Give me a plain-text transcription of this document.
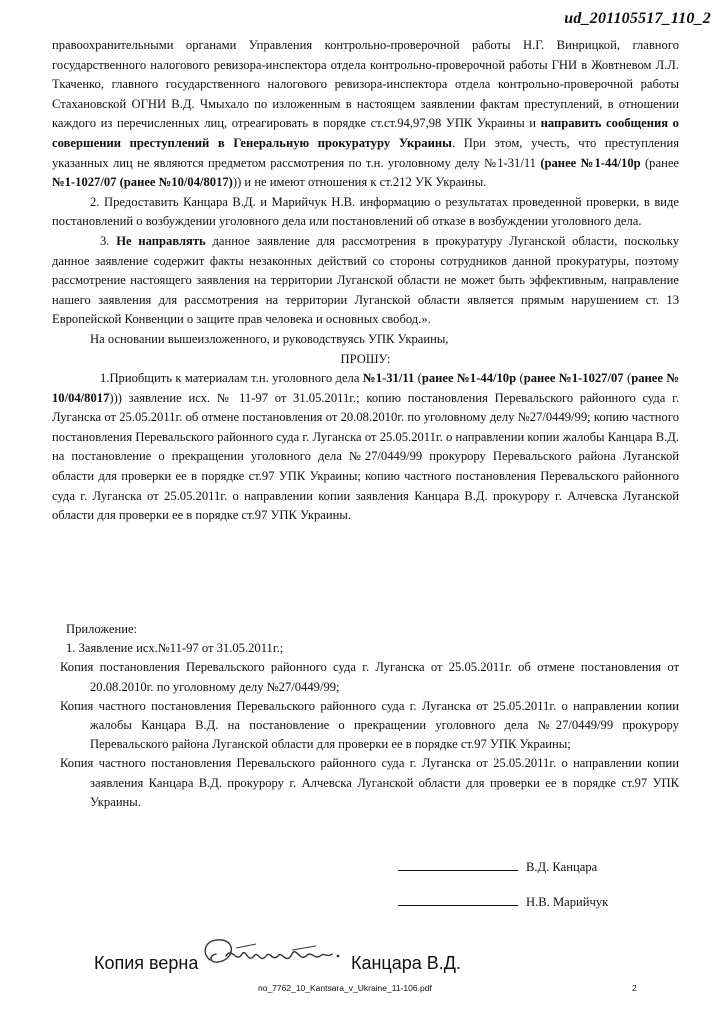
ud_201105517_110_2

правоохранительными органами Управления контрольно-проверочной работы Н.Г. Винрицкой, главного государственного налогового ревизора-инспектора отдела контрольно-проверочной работы ГНИ в Жовтневом Л.Л. Ткаченко, главного государственного налогового ревизора-инспектора отдела контрольно-проверочной работы Стахановской ОГНИ В.Д. Чмыхало по изложенным в настоящем заявлении фактам преступлений, в отношении каждого из перечисленных лиц, отреагировать в порядке ст.ст.94,97,98 УПК Украины и направить сообщения о совершении преступлений в Генеральную прокуратуру Украины. При этом, учесть, что преступления указанных лиц не являются предметом рассмотрения по т.н. уголовному делу №1-31/11 (ранее №1-44/10р (ранее №1-1027/07 (ранее №10/04/8017))) и не имеют отношения к ст.212 УК Украины.

2. Предоставить Канцара В.Д. и Марийчук Н.В. информацию о результатах проведенной проверки, в виде постановлений о возбуждении уголовного дела или постановлений об отказе в возбуждении уголовного дела.

3. Не направлять данное заявление для рассмотрения в прокуратуру Луганской области, поскольку данное заявление содержит факты незаконных действий со стороны сотрудников данной прокуратуры, поэтому рассмотрение настоящего заявления на территории Луганской области не может быть эффективным, направление нашего заявления для рассмотрения на территории Луганской области является прямым нарушением ст. 13 Европейской Конвенции о защите прав человека и основных свобод.».

На основании вышеизложенного, и руководствуясь УПК Украины,

ПРОШУ:

1.Приобщить к материалам т.н. уголовного дела №1-31/11 (ранее №1-44/10р (ранее №1-1027/07 (ранее № 10/04/8017))) заявление исх. № 11-97 от 31.05.2011г.; копию постановления Перевальского районного суда г. Луганска от 25.05.2011г. об отмене постановления от 20.08.2010г. по уголовному делу №27/0449/99; копию частного постановления Перевальского районного суда г. Луганска от 25.05.2011г. о направлении копии жалобы Канцара В.Д. на постановление о прекращении уголовного дела №27/0449/99 прокурору Перевальского района Луганской области для проверки ее в порядке ст.97 УПК Украины; копию частного постановления Перевальского районного суда г. Луганска от 25.05.2011г. о направлении копии заявления Канцара В.Д. прокурору г. Алчевска Луганской области для проверки ее в порядке ст.97 УПК Украины.

Приложение:

1. Заявление исх.№11-97 от 31.05.2011г.;

Копия постановления Перевальского районного суда г. Луганска от 25.05.2011г. об отмене постановления от 20.08.2010г. по уголовному делу №27/0449/99;

Копия частного постановления Перевальского районного суда г. Луганска от 25.05.2011г. о направлении копии жалобы Канцара В.Д. на постановление о прекращении уголовного дела №27/0449/99 прокурору Перевальского района Луганской области для проверки ее в порядке ст.97 УПК Украины;

Копия частного постановления Перевальского районного суда г. Луганска от 25.05.2011г. о направлении копии заявления Канцара В.Д. прокурору г. Алчевска Луганской области для проверки ее в порядке ст.97 УПК Украины.

В.Д. Канцара
Н.В. Марийчук
Копия верна	Канцара В.Д.
no_7762_10_Kantsara_v_Ukraine_11-106.pdf	2
